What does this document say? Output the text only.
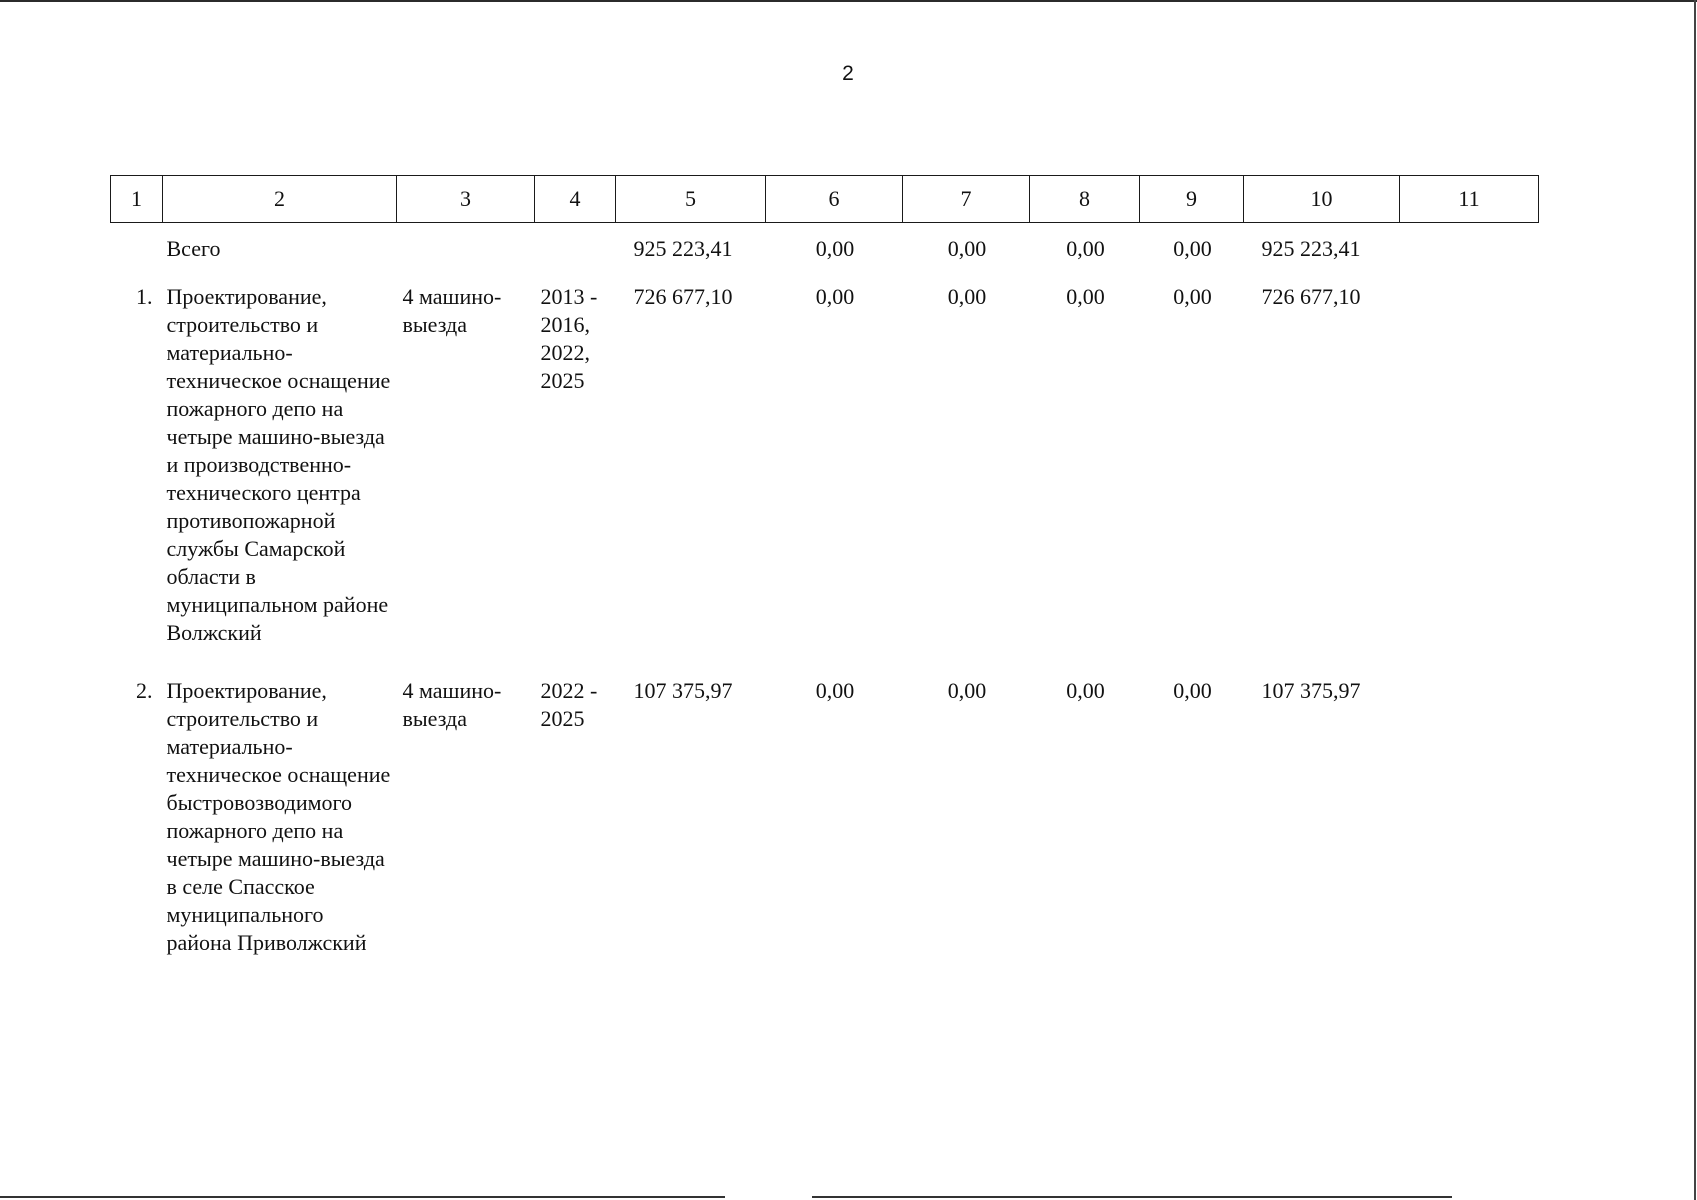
2
1	2	3	4	5	6	7	8	9	10	11
	Всего			925 223,41	0,00	0,00	0,00	0,00	925 223,41	
1.	Проектирование, строительство и материально-техническое оснащение пожарного депо на четыре машино-выезда и производственно-технического центра противопожарной службы Самарской области в муниципальном районе Волжский	4 машино-выезда	2013 - 2016, 2022, 2025	726 677,10	0,00	0,00	0,00	0,00	726 677,10	
2.	Проектирование, строительство и материально-техническое оснащение быстровозводимого пожарного депо на четыре машино-выезда в селе Спасское муниципального района Приволжский	4 машино-выезда	2022 - 2025	107 375,97	0,00	0,00	0,00	0,00	107 375,97	
